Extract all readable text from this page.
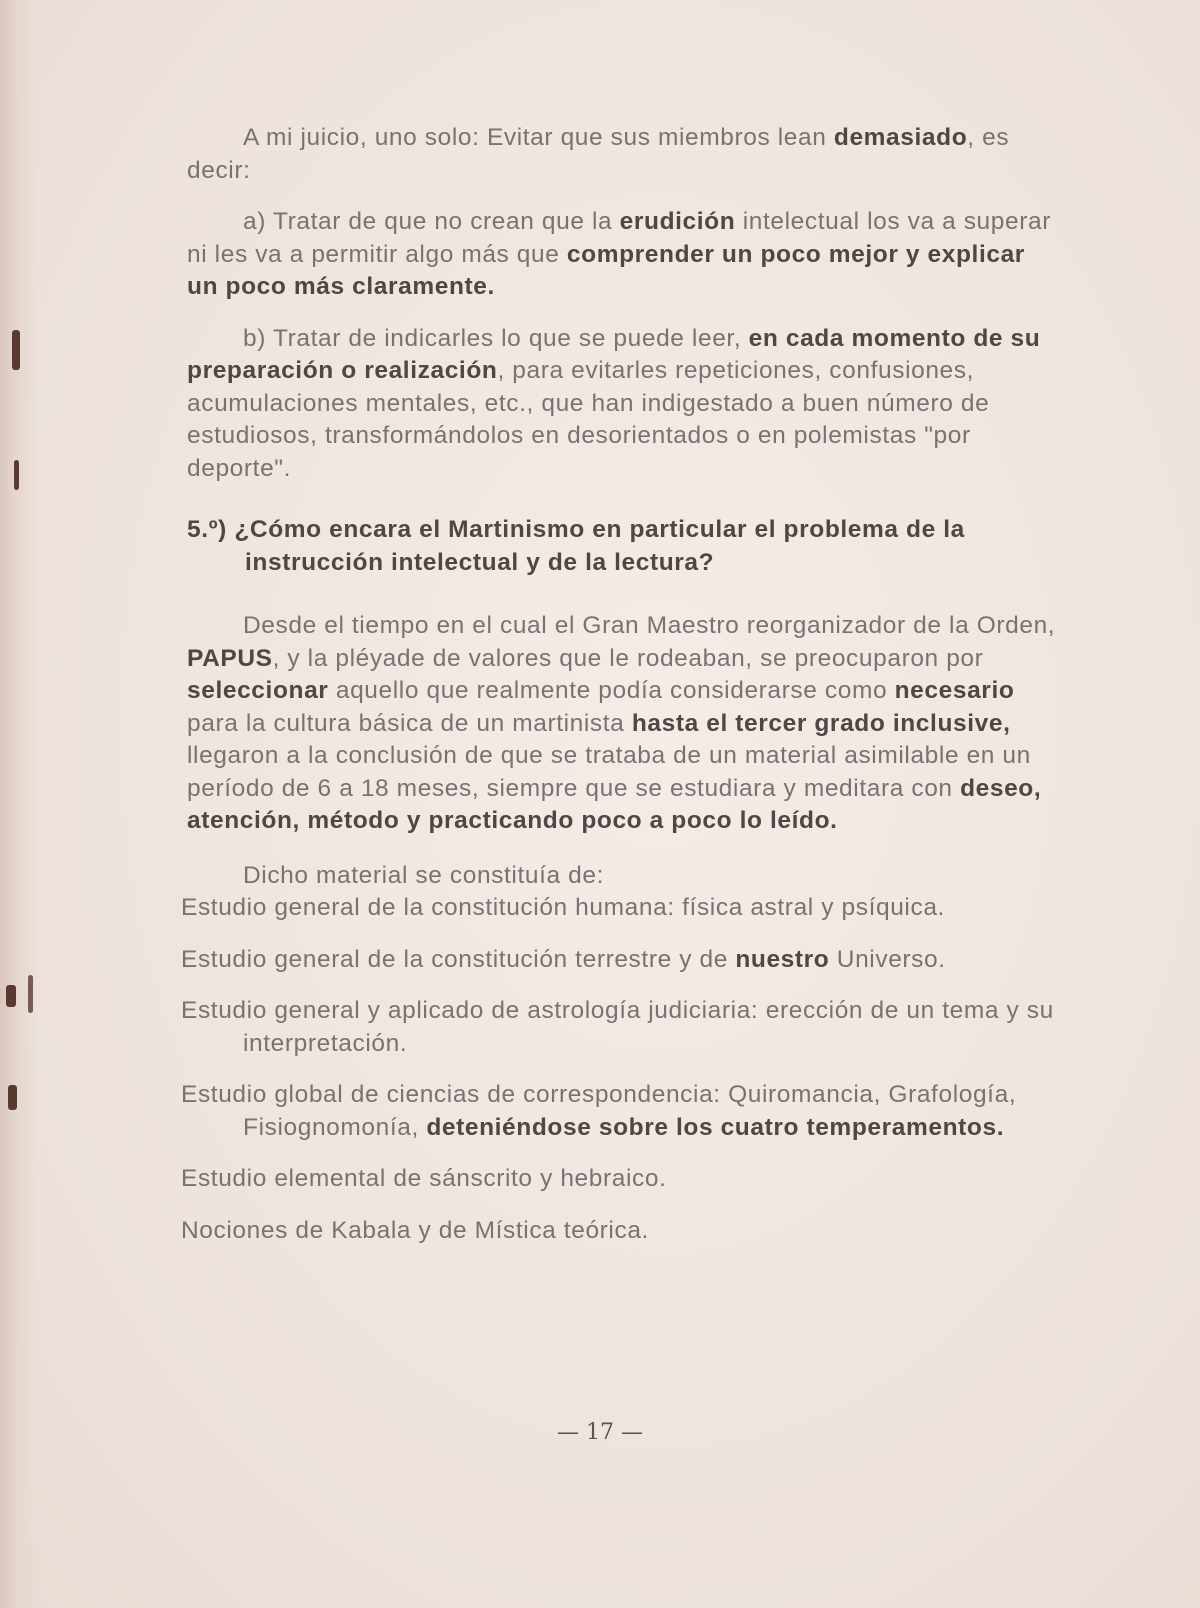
A mi juicio, uno solo: Evitar que sus miembros lean demasiado, es decir:

a) Tratar de que no crean que la erudición intelectual los va a superar ni les va a permitir algo más que comprender un poco mejor y explicar un poco más claramente.

b) Tratar de indicarles lo que se puede leer, en cada momento de su preparación o realización, para evitarles repeticiones, confusiones, acumulaciones mentales, etc., que han indigestado a buen número de estudiosos, transformándolos en desorientados o en polemistas "por deporte".

5.º) ¿Cómo encara el Martinismo en particular el problema de la instrucción intelectual y de la lectura?

Desde el tiempo en el cual el Gran Maestro reorganizador de la Orden, PAPUS, y la pléyade de valores que le rodeaban, se preocuparon por seleccionar aquello que realmente podía considerarse como necesario para la cultura básica de un martinista hasta el tercer grado inclusive, llegaron a la conclusión de que se trataba de un material asimilable en un período de 6 a 18 meses, siempre que se estudiara y meditara con deseo, atención, método y practicando poco a poco lo leído.

Dicho material se constituía de:

Estudio general de la constitución humana: física astral y psíquica.

Estudio general de la constitución terrestre y de nuestro Universo.

Estudio general y aplicado de astrología judiciaria: erección de un tema y su interpretación.

Estudio global de ciencias de correspondencia: Quiromancia, Grafología, Fisiognomonía, deteniéndose sobre los cuatro temperamentos.

Estudio elemental de sánscrito y hebraico.

Nociones de Kabala y de Mística teórica.

— 17 —
